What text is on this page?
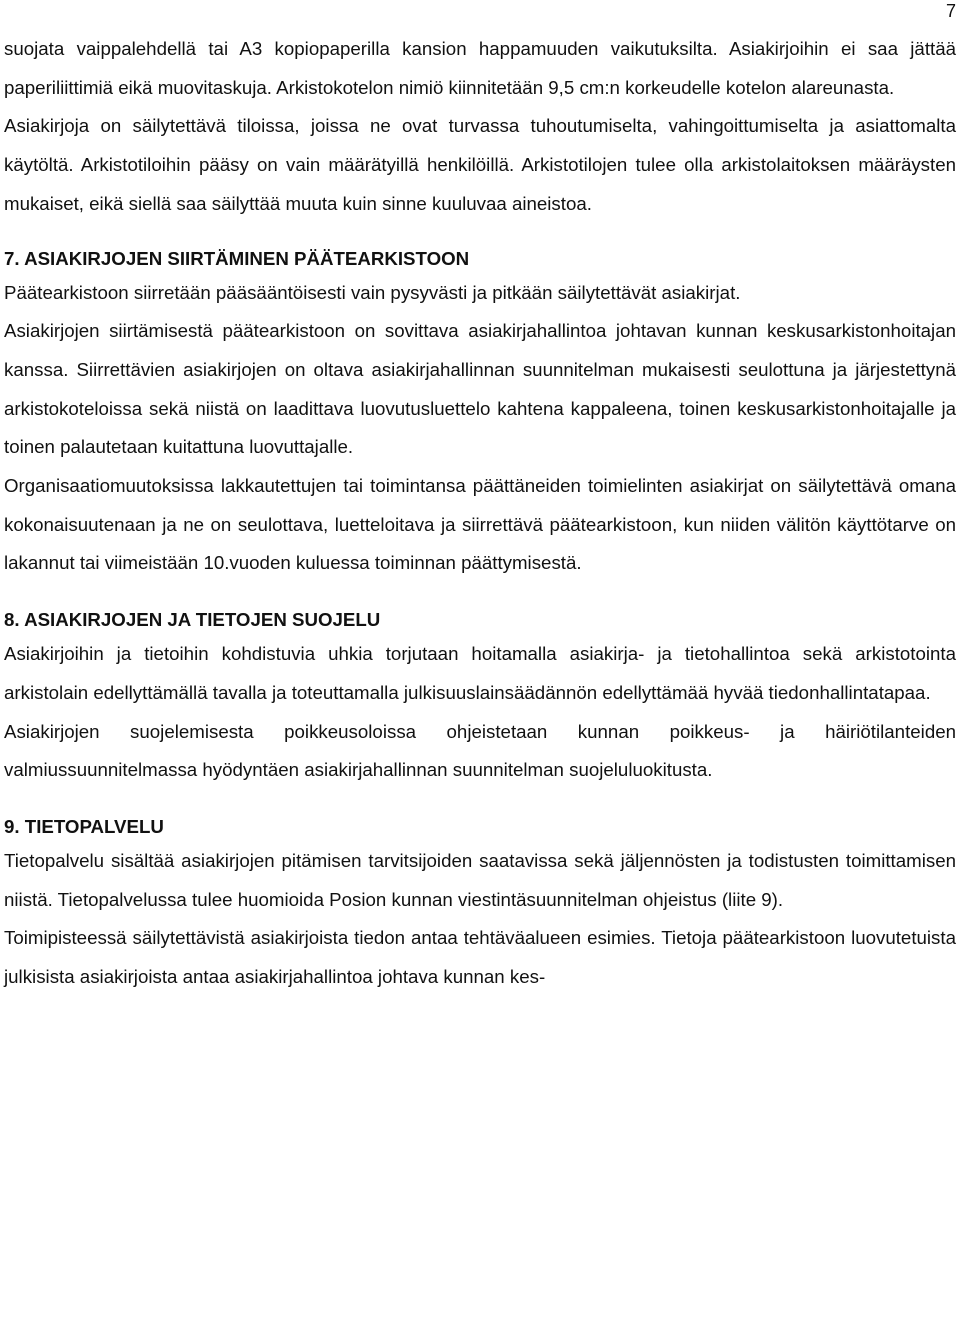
7

suojata vaippalehdellä tai A3 kopiopaperilla kansion happamuuden vaikutuksilta. Asiakirjoihin ei saa jättää paperiliittimiä eikä muovitaskuja. Arkistokotelon nimiö kiinnitetään 9,5 cm:n korkeudelle kotelon alareunasta.

Asiakirjoja on säilytettävä tiloissa, joissa ne ovat turvassa tuhoutumiselta, vahingoittumiselta ja asiattomalta käytöltä. Arkistotiloihin pääsy on vain määrätyillä henkilöillä. Arkistotilojen tulee olla arkistolaitoksen määräysten mukaiset, eikä siellä saa säilyttää muuta kuin sinne kuuluvaa aineistoa.

7. ASIAKIRJOJEN SIIRTÄMINEN PÄÄTEARKISTOON

Päätearkistoon siirretään pääsääntöisesti vain pysyvästi ja pitkään säilytettävät asiakirjat.

Asiakirjojen siirtämisestä päätearkistoon on sovittava asiakirjahallintoa johtavan kunnan keskusarkistonhoitajan kanssa. Siirrettävien asiakirjojen on oltava asiakirjahallinnan suunnitelman mukaisesti seulottuna ja järjestettynä arkistokoteloissa sekä niistä on laadittava luovutusluettelo kahtena kappaleena, toinen keskusarkistonhoitajalle ja toinen palautetaan kuitattuna luovuttajalle.

Organisaatiomuutoksissa lakkautettujen tai toimintansa päättäneiden toimielinten asiakirjat on säilytettävä omana kokonaisuutenaan ja ne on seulottava, luetteloitava ja siirrettävä päätearkistoon, kun niiden välitön käyttötarve on lakannut tai viimeistään 10.vuoden kuluessa toiminnan päättymisestä.

8. ASIAKIRJOJEN JA TIETOJEN SUOJELU

Asiakirjoihin ja tietoihin kohdistuvia uhkia torjutaan hoitamalla asiakirja- ja tietohallintoa sekä arkistotointa arkistolain edellyttämällä tavalla ja toteuttamalla julkisuuslainsäädännön edellyttämää hyvää tiedonhallintatapaa.

Asiakirjojen suojelemisesta poikkeusoloissa ohjeistetaan kunnan poikkeus- ja häiriötilanteiden valmiussuunnitelmassa hyödyntäen asiakirjahallinnan suunnitelman suojeluluokitusta.

9. TIETOPALVELU

Tietopalvelu sisältää asiakirjojen pitämisen tarvitsijoiden saatavissa sekä jäljennösten ja todistusten toimittamisen niistä. Tietopalvelussa tulee huomioida Posion kunnan viestintäsuunnitelman ohjeistus (liite 9).

Toimipisteessä säilytettävistä asiakirjoista tiedon antaa tehtäväalueen esimies. Tietoja päätearkistoon luovutetuista julkisista asiakirjoista antaa asiakirjahallintoa johtava kunnan kes-
